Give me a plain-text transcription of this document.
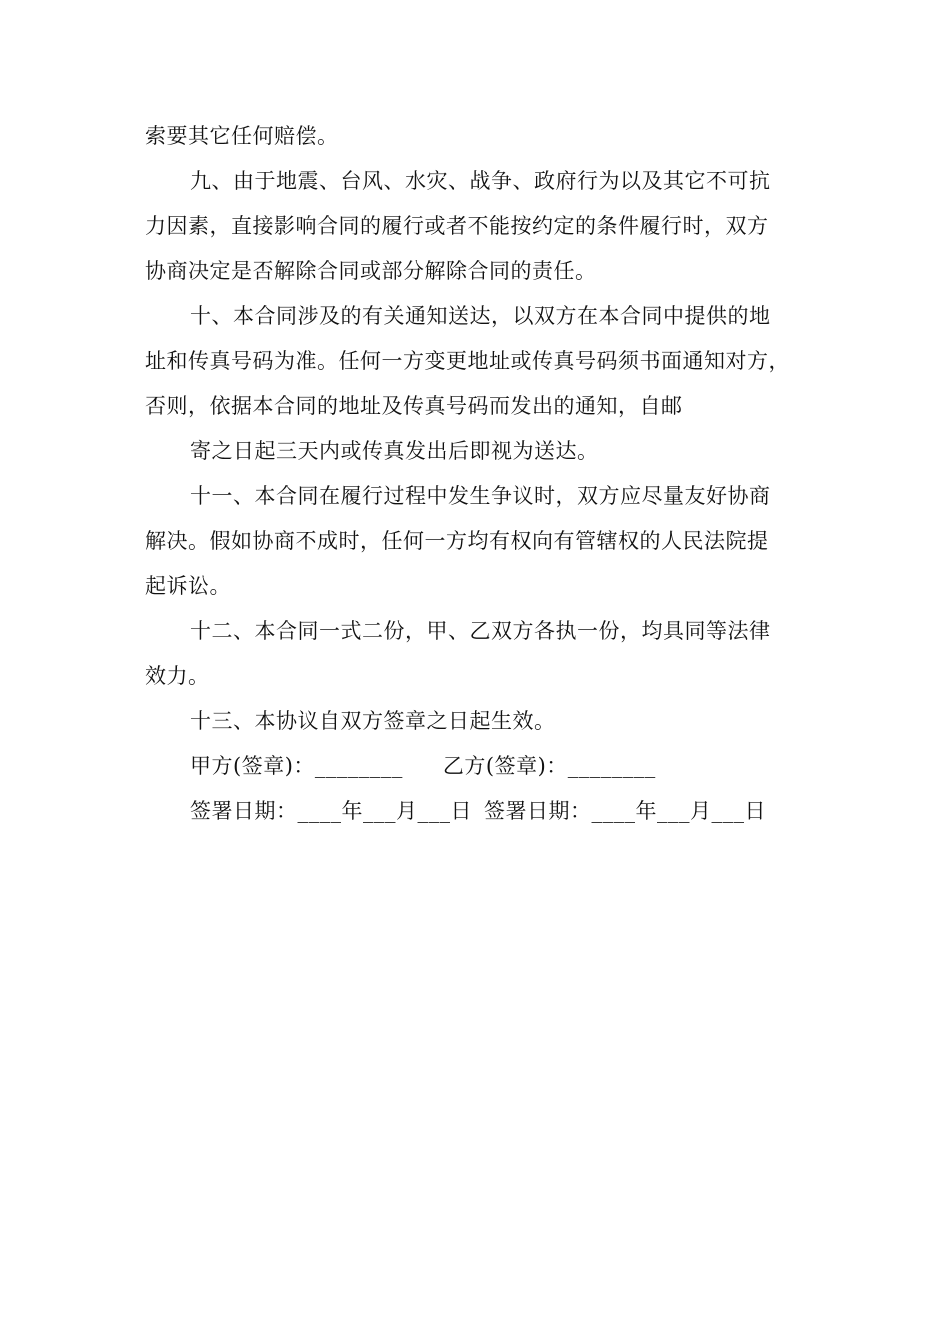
索要其它任何赔偿。
九、由于地震、台风、水灾、战争、政府行为以及其它不可抗
力因素，直接影响合同的履行或者不能按约定的条件履行时，双方
协商决定是否解除合同或部分解除合同的责任。
十、本合同涉及的有关通知送达，以双方在本合同中提供的地
址和传真号码为准。任何一方变更地址或传真号码须书面通知对方，
否则，依据本合同的地址及传真号码而发出的通知，自邮
寄之日起三天内或传真发出后即视为送达。
十一、本合同在履行过程中发生争议时，双方应尽量友好协商
解决。假如协商不成时，任何一方均有权向有管辖权的人民法院提
起诉讼。
十二、本合同一式二份，甲、乙双方各执一份，均具同等法律
效力。
十三、本协议自双方签章之日起生效。
甲方(签章)：________ 乙方(签章)：________
签署日期：____年___月___日 签署日期：____年___月___日
